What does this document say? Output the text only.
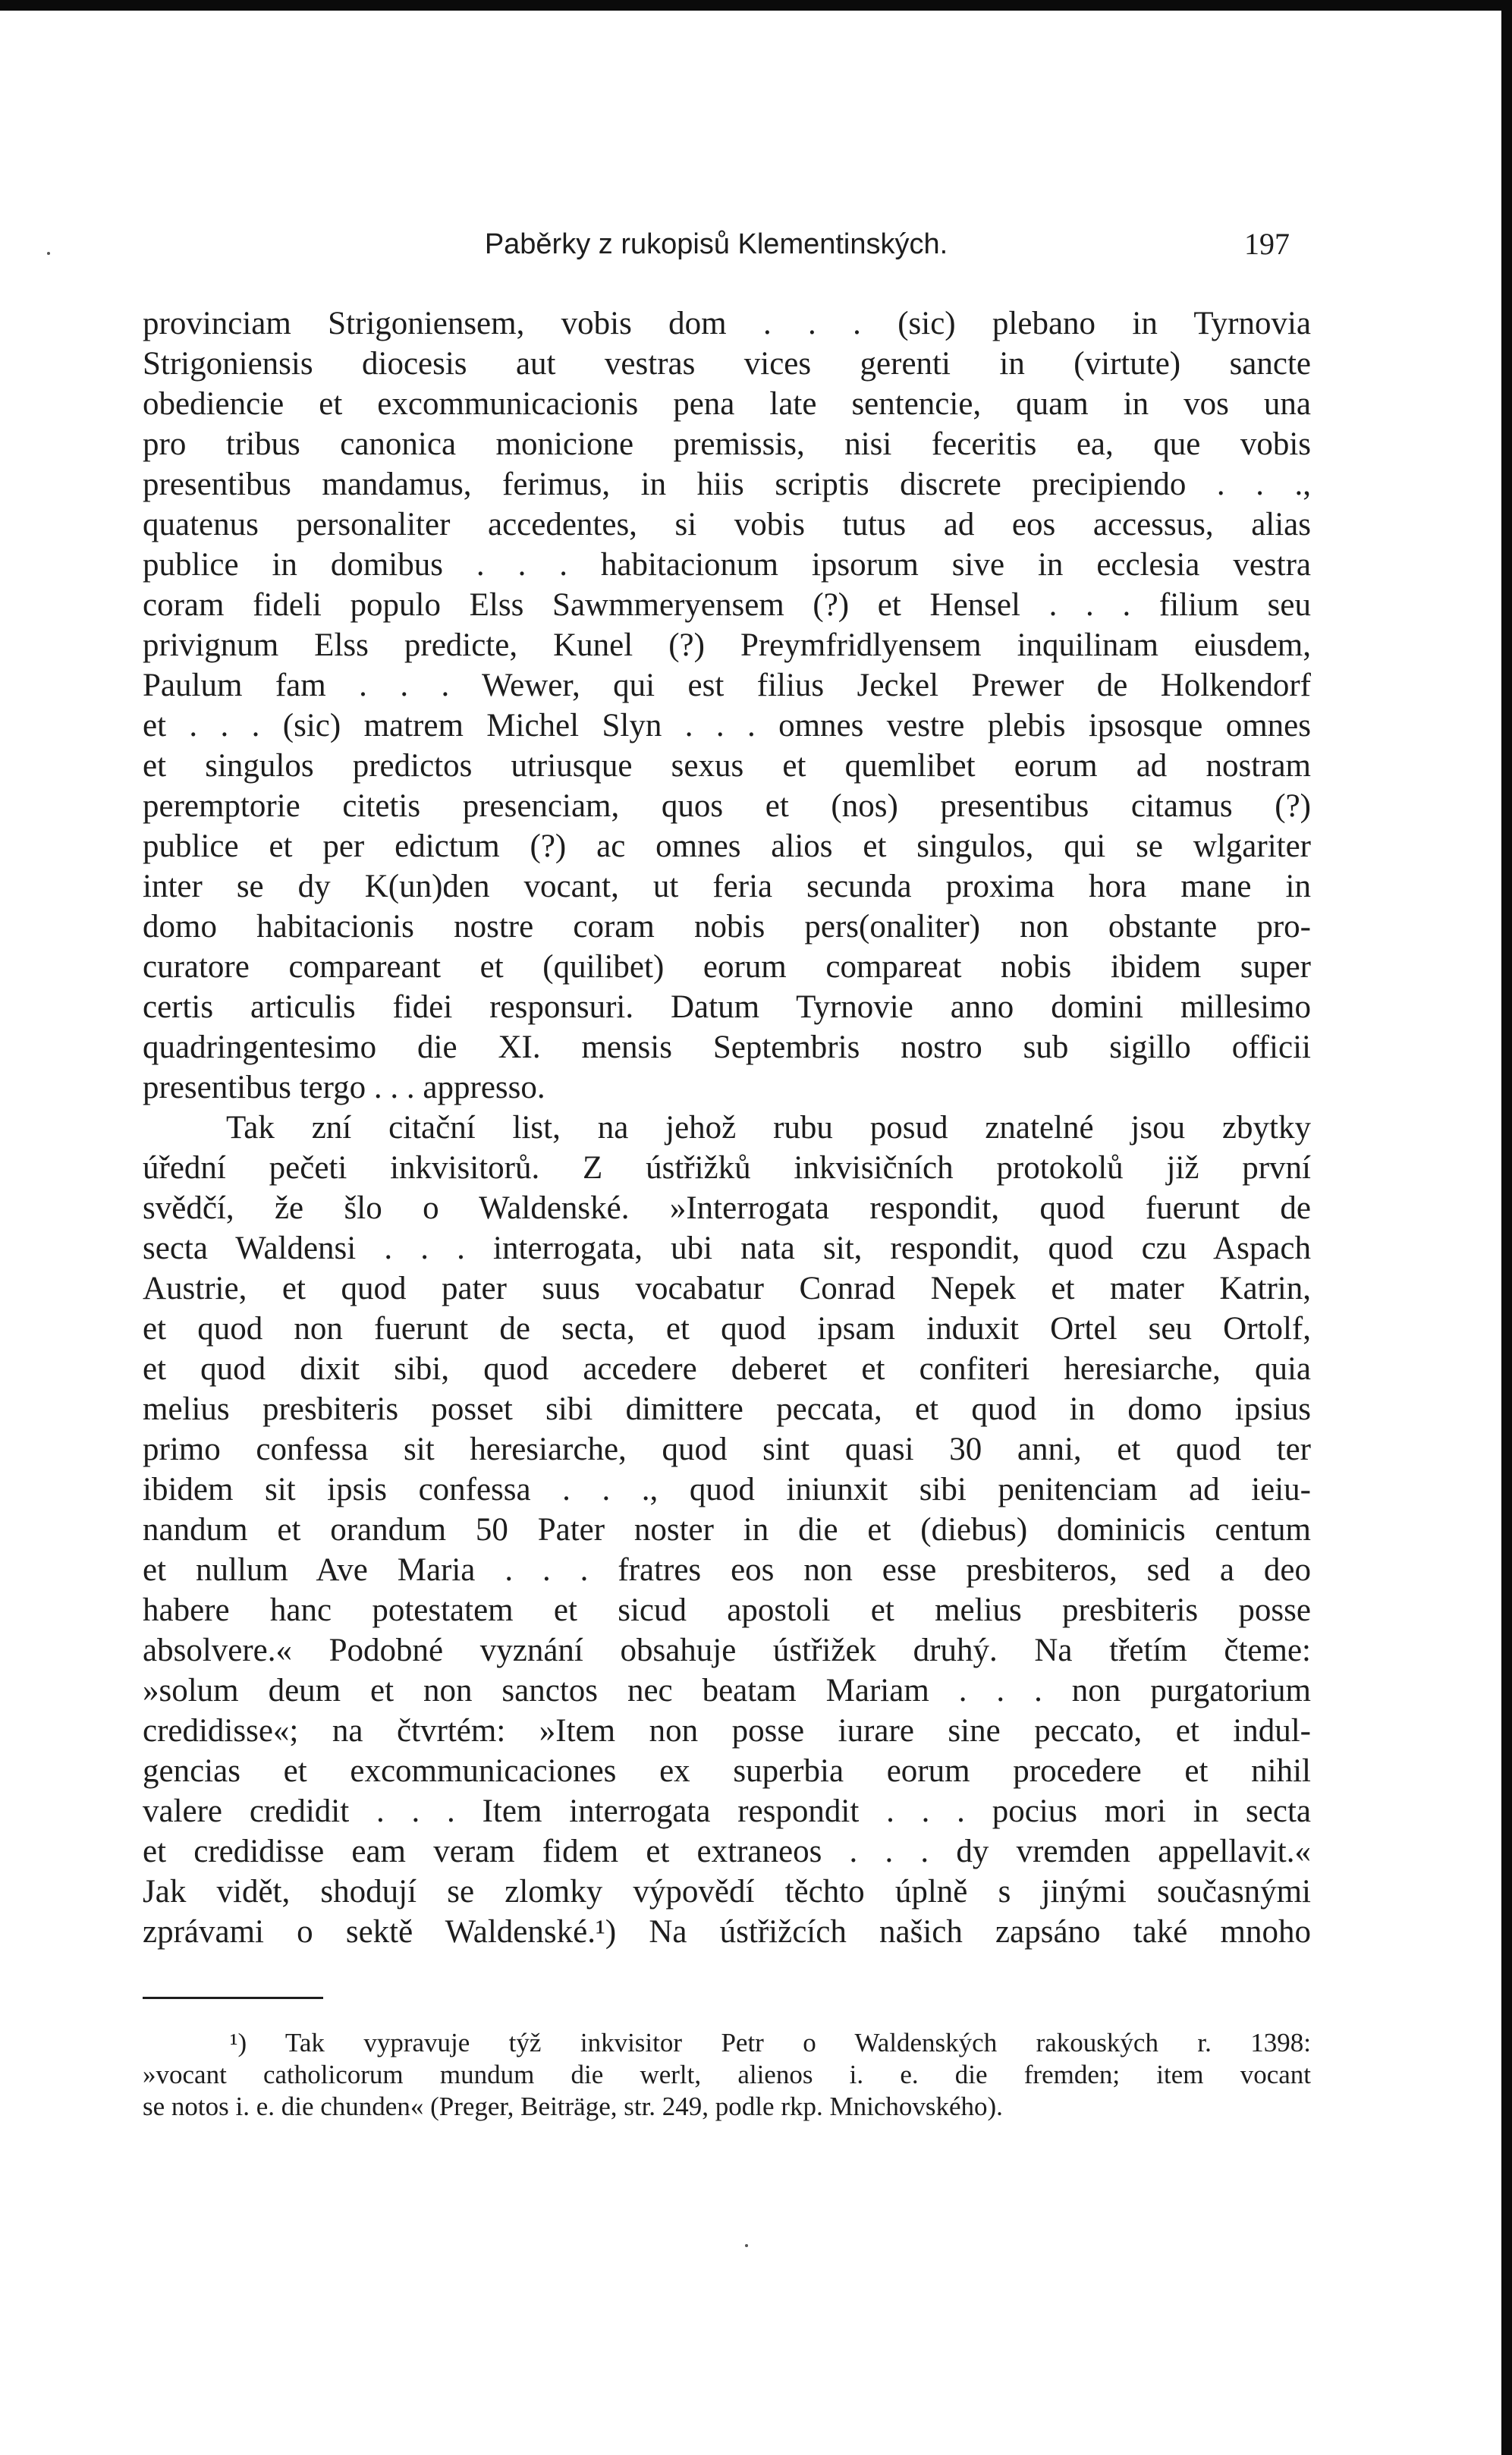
Paběrky z rukopisů Klementinských.	197
provinciam Strigoniensem, vobis dom . . . (sic) plebano in Tyrnovia
Strigoniensis diocesis aut vestras vices gerenti in (virtute) sancte
obediencie et excommunicacionis pena late sentencie, quam in vos una
pro tribus canonica monicione premissis, nisi feceritis ea, que vobis
presentibus mandamus, ferimus, in hiis scriptis discrete precipiendo . . .,
quatenus personaliter accedentes, si vobis tutus ad eos accessus, alias
publice in domibus . . . habitacionum ipsorum sive in ecclesia vestra
coram fideli populo Elss Sawmmeryensem (?) et Hensel . . . filium seu
privignum Elss predicte, Kunel (?) Preymfridlyensem inquilinam eiusdem,
Paulum fam . . . Wewer, qui est filius Jeckel Prewer de Holkendorf
et . . . (sic) matrem Michel Slyn . . . omnes vestre plebis ipsosque omnes
et singulos predictos utriusque sexus et quemlibet eorum ad nostram
peremptorie citetis presenciam, quos et (nos) presentibus citamus (?)
publice et per edictum (?) ac omnes alios et singulos, qui se wlgariter
inter se dy K(un)den vocant, ut feria secunda proxima hora mane in
domo habitacionis nostre coram nobis pers(onaliter) non obstante pro-
curatore compareant et (quilibet) eorum compareat nobis ibidem super
certis articulis fidei responsuri. Datum Tyrnovie anno domini millesimo
quadringentesimo die XI. mensis Septembris nostro sub sigillo officii
presentibus tergo . . . appresso.
Tak zní citační list, na jehož rubu posud znatelné jsou zbytky
úřední pečeti inkvisitorů. Z ústřižků inkvisičních protokolů již první
svědčí, že šlo o Waldenské. »Interrogata respondit, quod fuerunt de
secta Waldensi . . . interrogata, ubi nata sit, respondit, quod czu Aspach
Austrie, et quod pater suus vocabatur Conrad Nepek et mater Katrin,
et quod non fuerunt de secta, et quod ipsam induxit Ortel seu Ortolf,
et quod dixit sibi, quod accedere deberet et confiteri heresiarche, quia
melius presbiteris posset sibi dimittere peccata, et quod in domo ipsius
primo confessa sit heresiarche, quod sint quasi 30 anni, et quod ter
ibidem sit ipsis confessa . . ., quod iniunxit sibi penitenciam ad ieiu-
nandum et orandum 50 Pater noster in die et (diebus) dominicis centum
et nullum Ave Maria . . . fratres eos non esse presbiteros, sed a deo
habere hanc potestatem et sicud apostoli et melius presbiteris posse
absolvere.« Podobné vyznání obsahuje ústřižek druhý. Na třetím čteme:
»solum deum et non sanctos nec beatam Mariam . . . non purgatorium
credidisse«; na čtvrtém: »Item non posse iurare sine peccato, et indul-
gencias et excommunicaciones ex superbia eorum procedere et nihil
valere credidit . . . Item interrogata respondit . . . pocius mori in secta
et credidisse eam veram fidem et extraneos . . . dy vremden appellavit.«
Jak vidět, shodují se zlomky výpovědí těchto úplně s jinými současnými
zprávami o sektě Waldenské.¹) Na ústřižcích našich zapsáno také mnoho
¹) Tak vypravuje týž inkvisitor Petr o Waldenských rakouských r. 1398:
»vocant catholicorum mundum die werlt, alienos i. e. die fremden; item vocant
se notos i. e. die chunden« (Preger, Beiträge, str. 249, podle rkp. Mnichovského).
